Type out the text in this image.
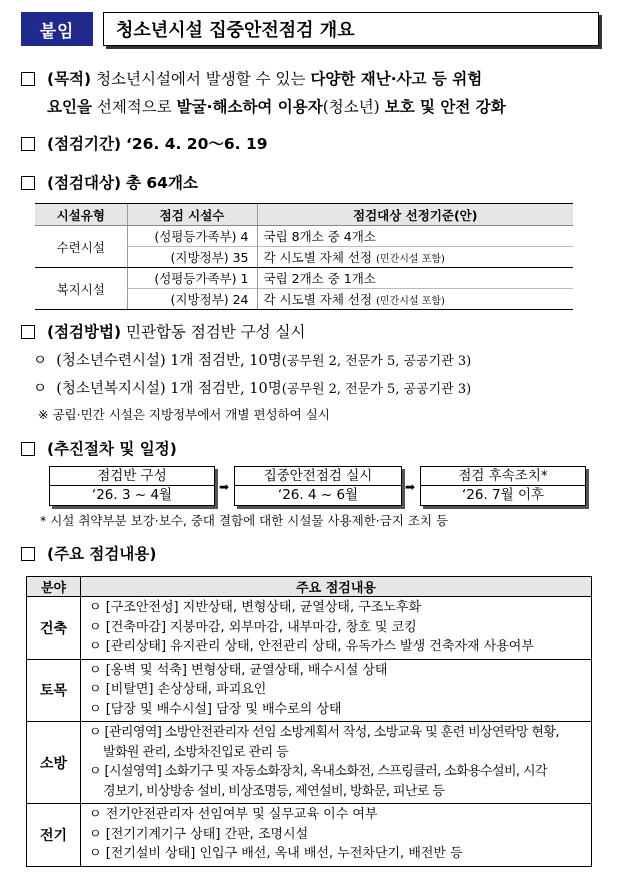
붙임	청소년시설 집중안전점검 개요
(목적) 청소년시설에서 발생할 수 있는 다양한 재난·사고 등 위험
요인을 선제적으로 발굴·해소하여 이용자(청소년) 보호 및 안전 강화
(점검기간) ‘26. 4. 20～6. 19
(점검대상) 총 64개소
시설유형	점검 시설수	점검대상 선정기준(안)
수련시설	(성평등가족부) 4	국립 8개소 중 4개소
	(지방정부) 35	각 시도별 자체 선정 (민간시설 포함)
복지시설	(성평등가족부) 1	국립 2개소 중 1개소
	(지방정부) 24	각 시도별 자체 선정 (민간시설 포함)
(점검방법) 민관합동 점검반 구성 실시
ㅇ (청소년수련시설) 1개 점검반, 10명(공무원 2, 전문가 5, 공공기관 3)
ㅇ (청소년복지시설) 1개 점검반, 10명(공무원 2, 전문가 5, 공공기관 3)
※ 공립·민간 시설은 지방정부에서 개별 편성하여 실시
(추진절차 및 일정)
점검반 구성
‘26. 3 ~ 4월	➡
집중안전점검 실시
‘26. 4 ~ 6월	➡
점검 후속조치*
‘26. 7월 이후
* 시설 취약부분 보강·보수, 중대 결함에 대한 시설물 사용제한·금지 조치 등
(주요 점검내용)
분야	주요 점검내용
건축	ㅇ [구조안전성] 지반상태, 변형상태, 균열상태, 구조노후화
ㅇ [건축마감] 지붕마감, 외부마감, 내부마감, 창호 및 코킹
ㅇ [관리상태] 유지관리 상태, 안전관리 상태, 유독가스 발생 건축자재 사용여부

토목	ㅇ [옹벽 및 석축] 변형상태, 균열상태, 배수시설 상태
ㅇ [비탈면] 손상상태, 파괴요인
ㅇ [담장 및 배수시설] 담장 및 배수로의 상태

소방	ㅇ [관리영역] 소방안전관리자 선임 소방계획서 작성, 소방교육 및 훈련 비상연락망 현황,
발화원 관리, 소방차진입로 관리 등
ㅇ [시설영역] 소화기구 및 자동소화장치, 옥내소화전, 스프링클러, 소화용수설비, 시각
경보기, 비상방송 설비, 비상조명등, 제연설비, 방화문, 피난로 등

전기	ㅇ 전기안전관리자 선임여부 및 실무교육 이수 여부
ㅇ [전기기계기구 상태] 간판, 조명시설
ㅇ [전기설비 상태] 인입구 배선, 옥내 배선, 누전차단기, 배전반 등
